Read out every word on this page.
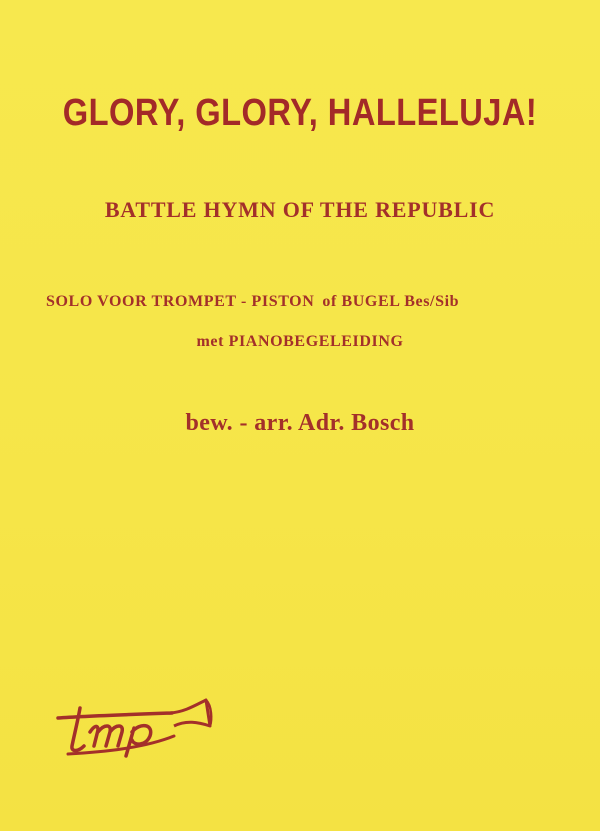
GLORY, GLORY, HALLELUJA!
BATTLE HYMN OF THE REPUBLIC
SOLO VOOR TROMPET - PISTON of BUGEL Bes/Sib
met PIANOBEGELEIDING
bew. - arr. Adr. Bosch
